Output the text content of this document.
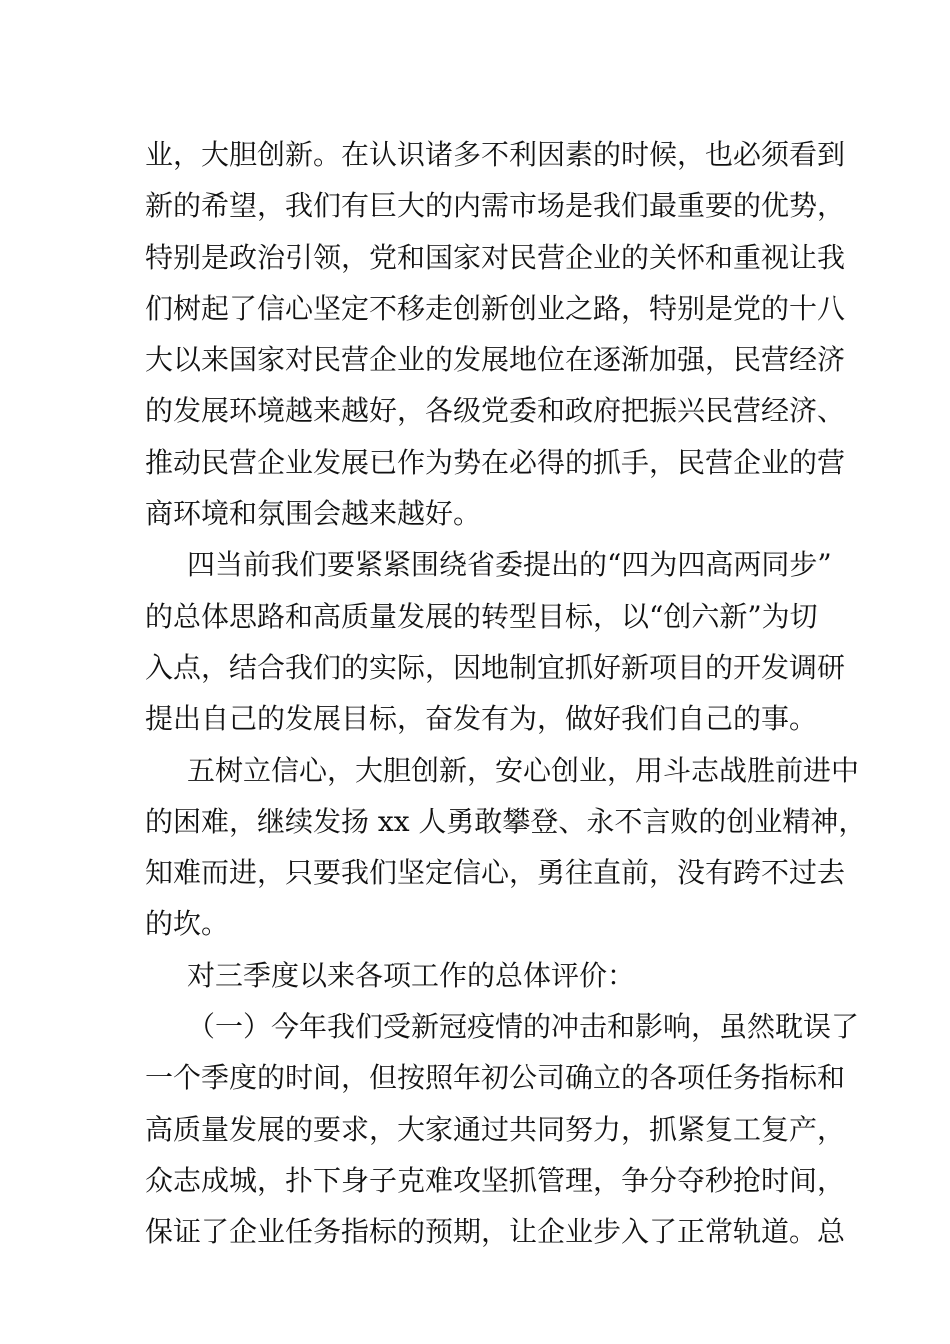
业，大胆创新。在认识诸多不利因素的时候，也必须看到
新的希望，我们有巨大的内需市场是我们最重要的优势，
特别是政治引领，党和国家对民营企业的关怀和重视让我
们树起了信心坚定不移走创新创业之路，特别是党的十八
大以来国家对民营企业的发展地位在逐渐加强，民营经济
的发展环境越来越好，各级党委和政府把振兴民营经济、
推动民营企业发展已作为势在必得的抓手，民营企业的营
商环境和氛围会越来越好。
四当前我们要紧紧围绕省委提出的“四为四高两同步”
的总体思路和高质量发展的转型目标，以“创六新”为切
入点，结合我们的实际，因地制宜抓好新项目的开发调研
提出自己的发展目标，奋发有为，做好我们自己的事。
五树立信心，大胆创新，安心创业，用斗志战胜前进中
的困难，继续发扬 xx 人勇敢攀登、永不言败的创业精神，
知难而进，只要我们坚定信心，勇往直前，没有跨不过去
的坎。
对三季度以来各项工作的总体评价：
（一）今年我们受新冠疫情的冲击和影响，虽然耽误了
一个季度的时间，但按照年初公司确立的各项任务指标和
高质量发展的要求，大家通过共同努力，抓紧复工复产，
众志成城，扑下身子克难攻坚抓管理，争分夺秒抢时间，
保证了企业任务指标的预期，让企业步入了正常轨道。总
